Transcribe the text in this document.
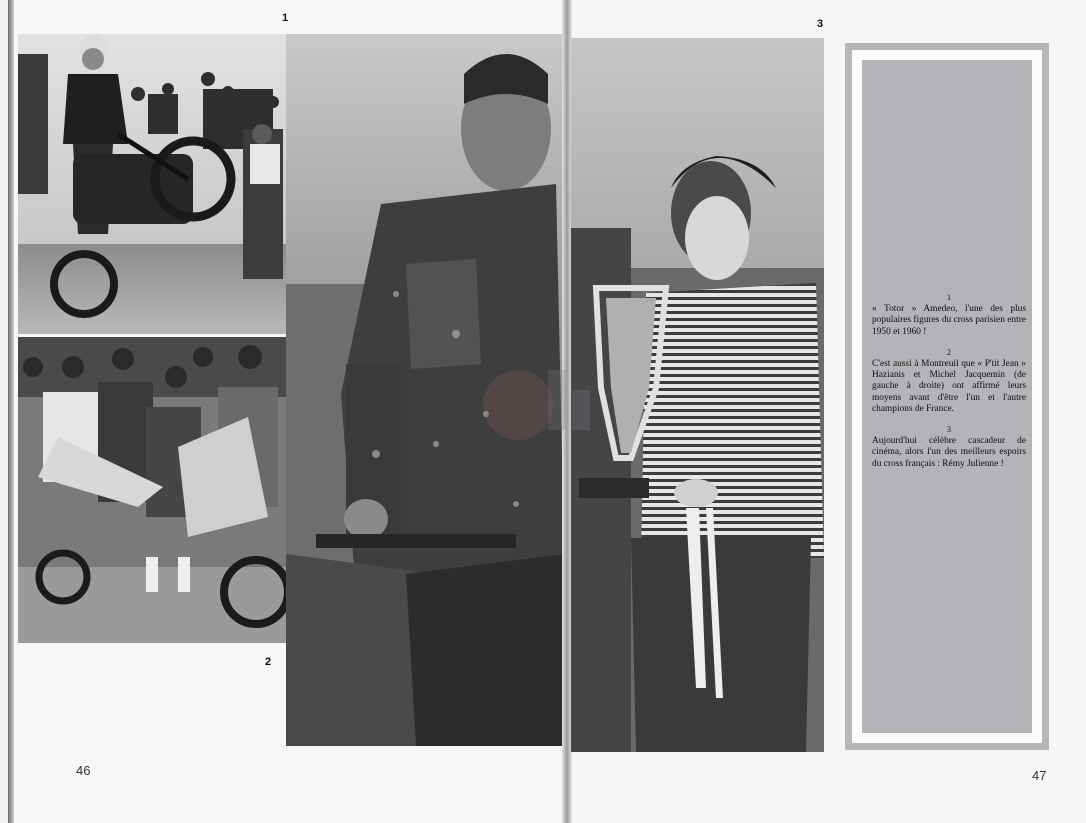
1
2
3
1
« Totor » Amedeo, l'une des plus populaires figures du cross parisien entre 1950 et 1960 !
2
C'est aussi à Montreuil que « P'tit Jean » Hazianis et Michel Jacquemin (de gauche à droite) ont affirmé leurs moyens avant d'être l'un et l'autre champions de France.
3
Aujourd'hui célèbre cascadeur de cinéma, alors l'un des meilleurs espoirs du cross français : Rémy Julienne !
46	47
